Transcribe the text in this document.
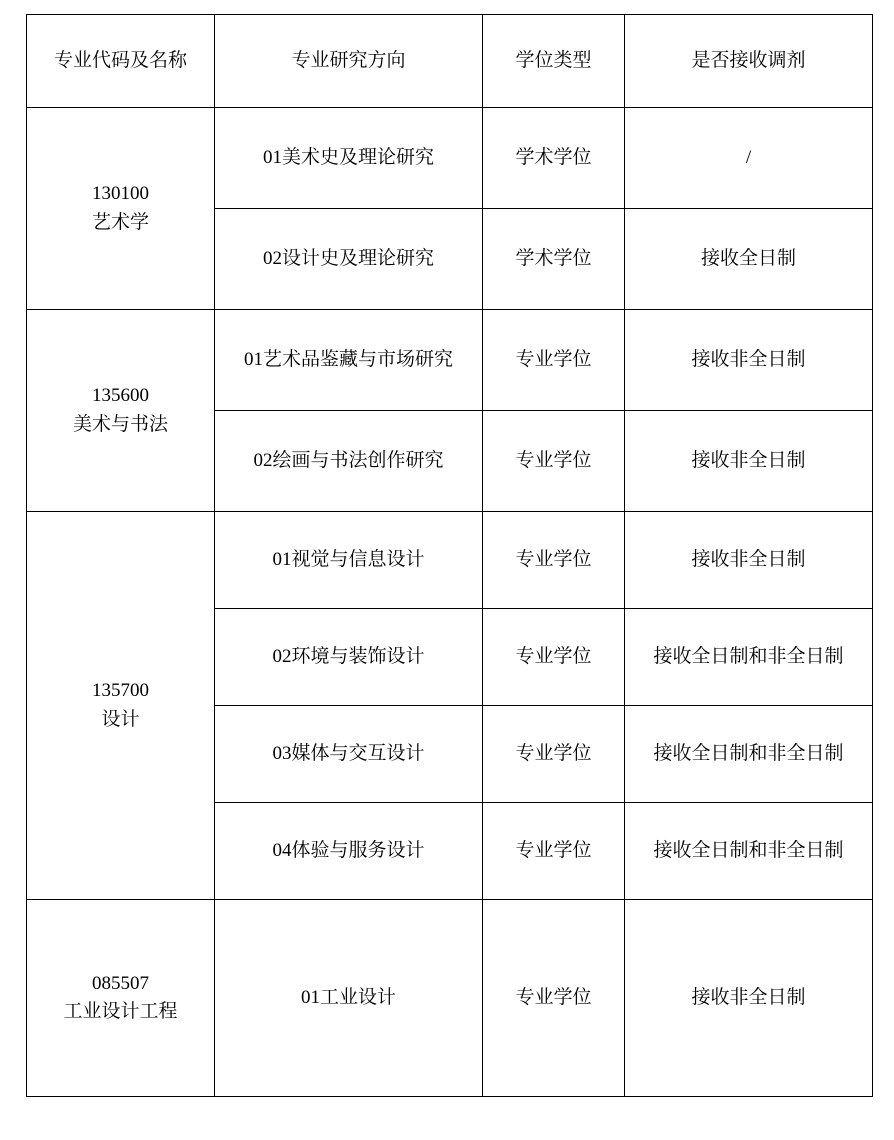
专业代码及名称	专业研究方向	学位类型	是否接收调剂

130100
艺术学	01美术史及理论研究	学术学位	/
	02设计史及理论研究	学术学位	接收全日制

135600
美术与书法	01艺术品鉴藏与市场研究	专业学位	接收非全日制
	02绘画与书法创作研究	专业学位	接收非全日制

135700
设计	01视觉与信息设计	专业学位	接收非全日制
	02环境与装饰设计	专业学位	接收全日制和非全日制
	03媒体与交互设计	专业学位	接收全日制和非全日制
	04体验与服务设计	专业学位	接收全日制和非全日制

085507
工业设计工程	01工业设计	专业学位	接收非全日制
